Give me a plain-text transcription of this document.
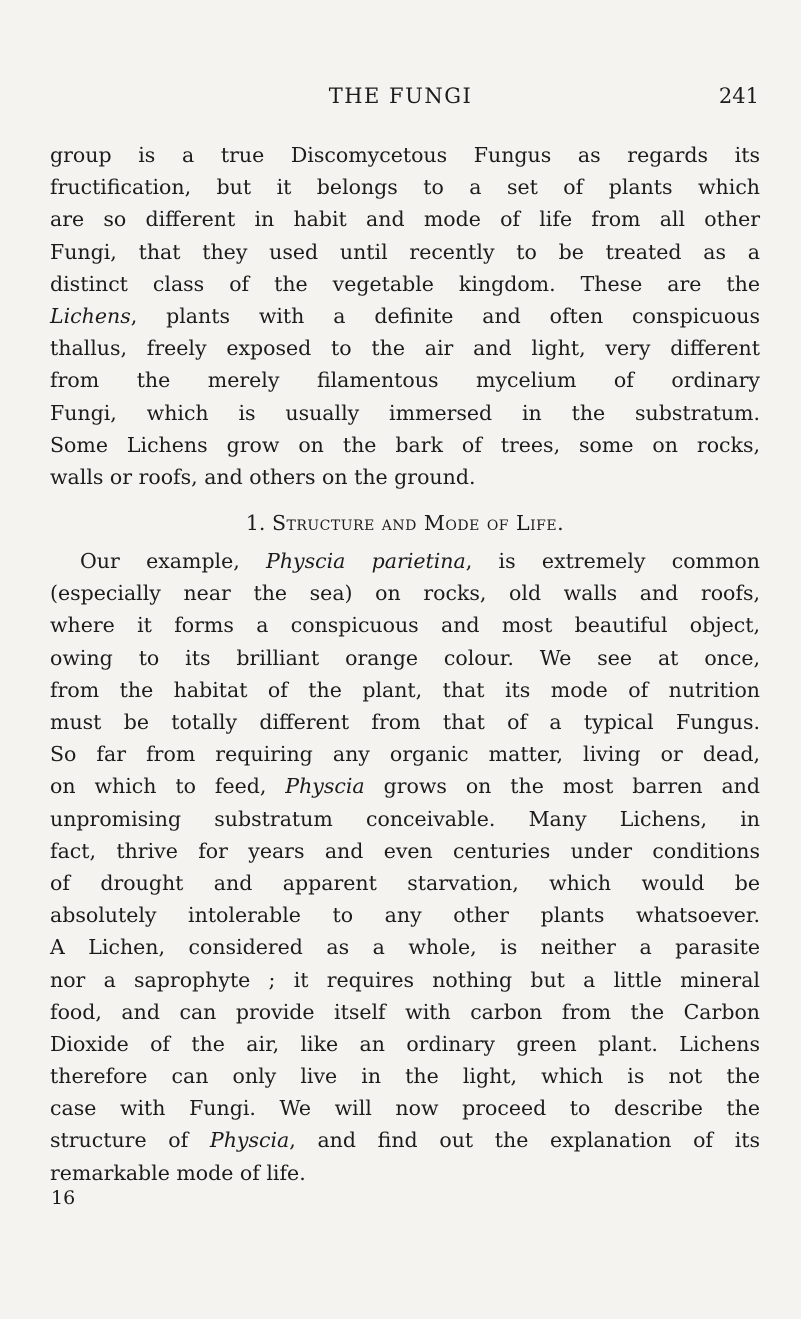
THE FUNGI	241
group is a true Discomycetous Fungus as regards its
fructification, but it belongs to a set of plants which
are so different in habit and mode of life from all other
Fungi, that they used until recently to be treated as a
distinct class of the vegetable kingdom. These are the
Lichens, plants with a definite and often conspicuous
thallus, freely exposed to the air and light, very different
from the merely filamentous mycelium of ordinary
Fungi, which is usually immersed in the substratum.
Some Lichens grow on the bark of trees, some on rocks,
walls or roofs, and others on the ground.
1. Structure and Mode of Life.
Our example, Physcia parietina, is extremely common
(especially near the sea) on rocks, old walls and roofs,
where it forms a conspicuous and most beautiful object,
owing to its brilliant orange colour. We see at once,
from the habitat of the plant, that its mode of nutrition
must be totally different from that of a typical Fungus.
So far from requiring any organic matter, living or dead,
on which to feed, Physcia grows on the most barren and
unpromising substratum conceivable. Many Lichens, in
fact, thrive for years and even centuries under conditions
of drought and apparent starvation, which would be
absolutely intolerable to any other plants whatsoever.
A Lichen, considered as a whole, is neither a parasite
nor a saprophyte ; it requires nothing but a little mineral
food, and can provide itself with carbon from the Carbon
Dioxide of the air, like an ordinary green plant. Lichens
therefore can only live in the light, which is not the
case with Fungi. We will now proceed to describe the
structure of Physcia, and find out the explanation of its
remarkable mode of life.
16
